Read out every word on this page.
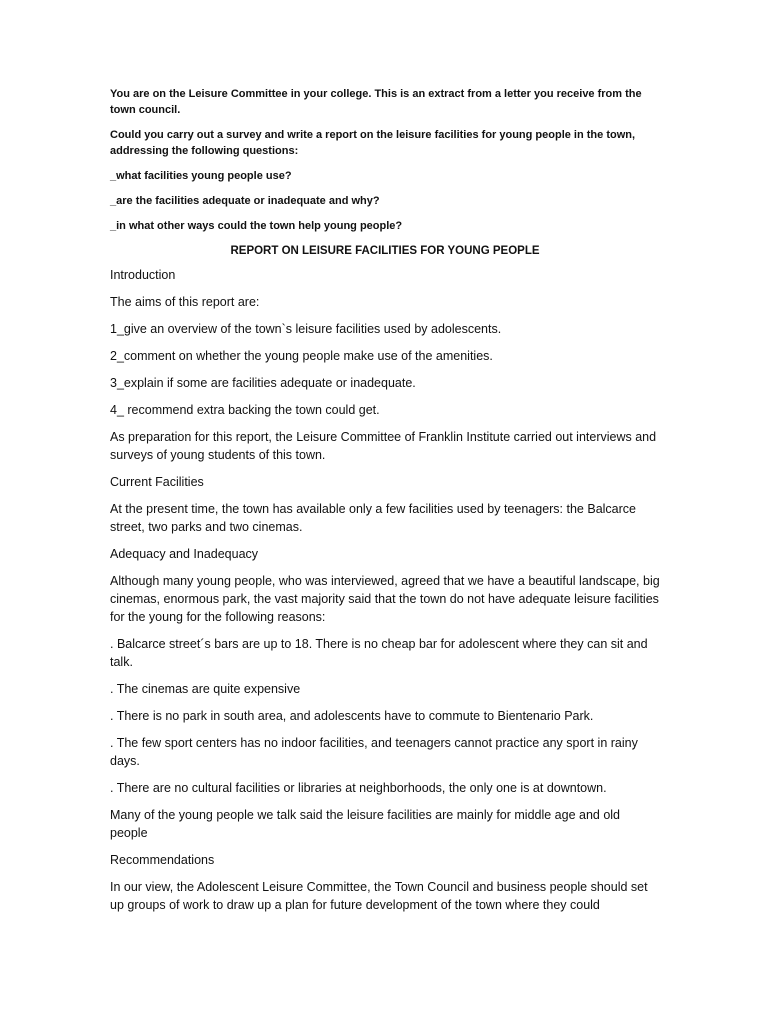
You are on the Leisure Committee in your college. This is an extract from a letter you receive from the town council.

Could you carry out a survey and write a report on the leisure facilities for young people in the town, addressing the following questions:

_what facilities young people use?

_are the facilities adequate or inadequate and why?

_in what other ways could the town help young people?

REPORT ON LEISURE FACILITIES FOR YOUNG PEOPLE
Introduction

The aims of this report are:

1_give an overview of the town`s leisure facilities used by adolescents.

2_comment on whether the young people make use of the amenities.

3_explain if some are facilities adequate or inadequate.

4_ recommend extra backing the town could get.

As preparation for this report, the Leisure Committee of Franklin Institute carried out interviews and surveys of young students of this town.

Current Facilities

At the present time, the town has available only a few facilities used by teenagers: the Balcarce street, two parks and two cinemas.

Adequacy and Inadequacy

Although many young people, who was interviewed, agreed that we have a beautiful landscape, big cinemas, enormous park, the vast majority said that the town do not have adequate leisure facilities for the young for the following reasons:

. Balcarce street´s bars are up to 18. There is no cheap bar for adolescent where they can sit and talk.

. The cinemas are quite expensive

. There is no park in south area, and adolescents have to commute to Bientenario Park.

. The few sport centers has no indoor facilities, and teenagers cannot practice any sport in rainy days.

. There are no cultural facilities or libraries at neighborhoods, the only one is at downtown.

Many of the young people we talk said the leisure facilities are mainly for middle age and old people

Recommendations

In our view, the Adolescent Leisure Committee, the Town Council and business people should set up groups of work to draw up a plan for future development of the town where they could
